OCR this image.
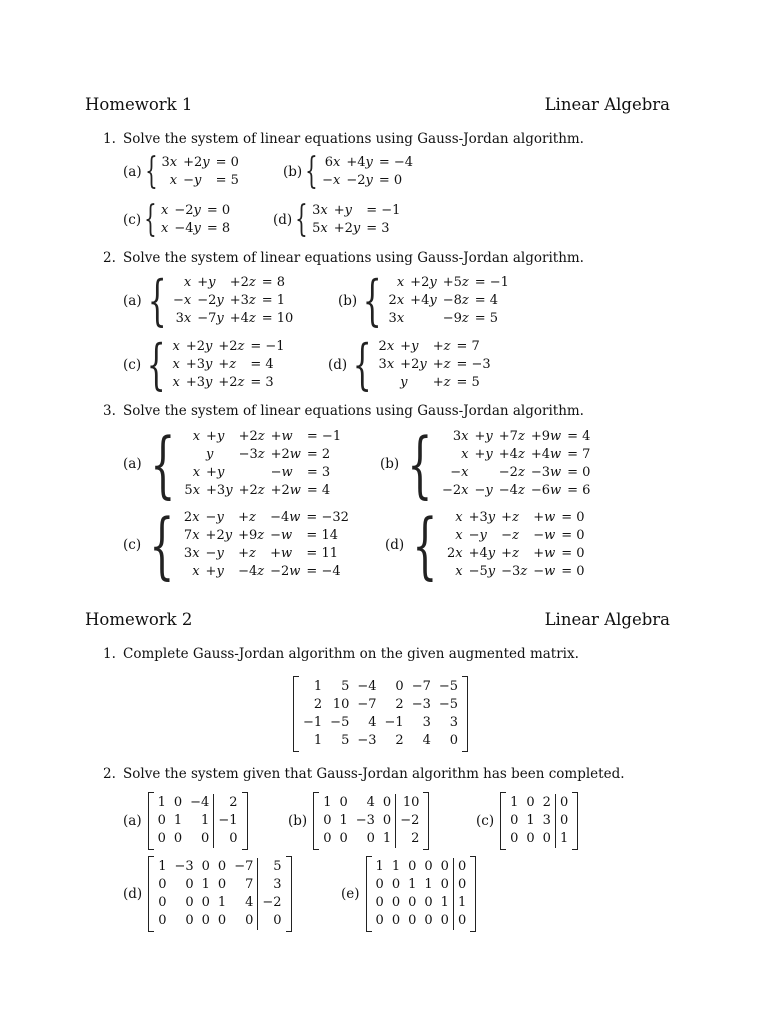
Homework 1	Linear Algebra
1. Solve the system of linear equations using Gauss-Jordan algorithm.
(a) { 3x	+2y	= 0
x	−y	= 5
(b) { 6x	+4y	= −4
−x	−2y	= 0
(c) { x	−2y	= 0
x	−4y	= 8
(d) { 3x	+y	= −1
5x	+2y	= 3
2. Solve the system of linear equations using Gauss-Jordan algorithm.
(a) { x	+y	+2z	= 8
−x	−2y	+3z	= 1
3x	−7y	+4z	= 10
(b) { x	+2y	+5z	= −1
2x	+4y	−8z	= 4
3x		−9z	= 5
(c) { x	+2y	+2z	= −1
x	+3y	+z	= 4
x	+3y	+2z	= 3
(d) { 2x	+y	+z	= 7
3x	+2y	+z	= −3
	y	+z	= 5
3. Solve the system of linear equations using Gauss-Jordan algorithm.
(a) { x	+y	+2z	+w	= −1
	y	−3z	+2w	= 2
x	+y		−w	= 3
5x	+3y	+2z	+2w	= 4
(b) { 3x	+y	+7z	+9w	= 4
x	+y	+4z	+4w	= 7
−x		−2z	−3w	= 0
−2x	−y	−4z	−6w	= 6
(c) { 2x	−y	+z	−4w	= −32
7x	+2y	+9z	−w	= 14
3x	−y	+z	+w	= 11
x	+y	−4z	−2w	= −4
(d) { x	+3y	+z	+w	= 0
x	−y	−z	−w	= 0
2x	+4y	+z	+w	= 0
x	−5y	−3z	−w	= 0
Homework 2	Linear Algebra
1. Complete Gauss-Jordan algorithm on the given augmented matrix.
1	5	−4	0	−7	−5
2	10	−7	2	−3	−5
−1	−5	4	−1	3	3
1	5	−3	2	4	0
2. Solve the system given that Gauss-Jordan algorithm has been completed.
(a)
1	0	−4	2
0	1	1	−1
0	0	0	0
(b)
1	0	4	0	10
0	1	−3	0	−2
0	0	0	1	2
(c)
1	0	2	0
0	1	3	0
0	0	0	1
(d)
1	−3	0	0	−7	5
0	0	1	0	7	3
0	0	0	1	4	−2
0	0	0	0	0	0
(e)
1	1	0	0	0	0
0	0	1	1	0	0
0	0	0	0	1	1
0	0	0	0	0	0
